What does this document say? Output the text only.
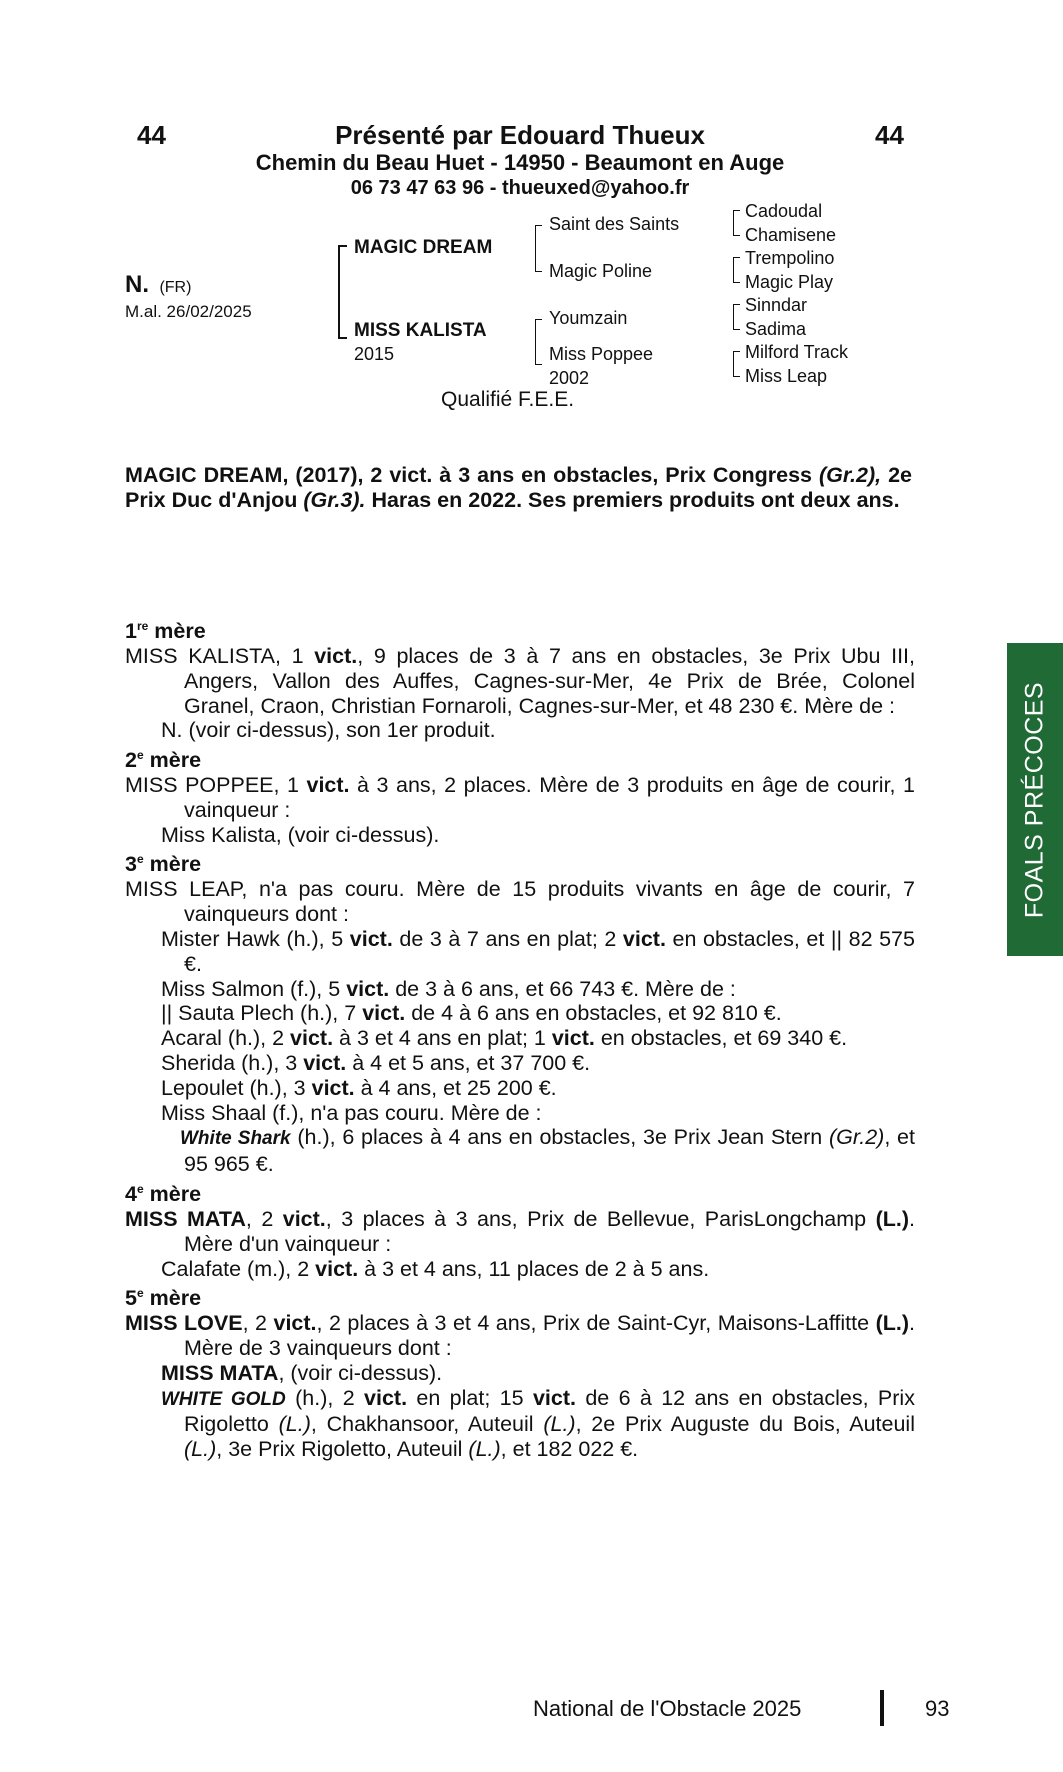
44	44
Présenté par Edouard Thueux
Chemin du Beau Huet - 14950 - Beaumont en Auge
06 73 47 63 96 - thueuxed@yahoo.fr
N. (FR)
M.al. 26/02/2025
MAGIC DREAM
MISS KALISTA
2015
Saint des Saints
Magic Poline
Youmzain
Miss Poppee
2002
Cadoudal
Chamisene
Trempolino
Magic Play
Sinndar
Sadima
Milford Track
Miss Leap
Qualifié F.E.E.
MAGIC DREAM, (2017), 2 vict. à 3 ans en obstacles, Prix Congress (Gr.2), 2e Prix Duc d'Anjou (Gr.3). Haras en 2022. Ses premiers produits ont deux ans.

1re mère

MISS KALISTA, 1 vict., 9 places de 3 à 7 ans en obstacles, 3e Prix Ubu III, Angers, Vallon des Auffes, Cagnes-sur-Mer, 4e Prix de Brée, Colonel Granel, Craon, Christian Fornaroli, Cagnes-sur-Mer, et 48 230 €. Mère de :

N. (voir ci-dessus), son 1er produit.

2e mère

MISS POPPEE, 1 vict. à 3 ans, 2 places. Mère de 3 produits en âge de courir, 1 vainqueur :

Miss Kalista, (voir ci-dessus).

3e mère

MISS LEAP, n'a pas couru. Mère de 15 produits vivants en âge de courir, 7 vainqueurs dont :

Mister Hawk (h.), 5 vict. de 3 à 7 ans en plat; 2 vict. en obstacles, et || 82 575 €.

Miss Salmon (f.), 5 vict. de 3 à 6 ans, et 66 743 €. Mère de :

|| Sauta Plech (h.), 7 vict. de 4 à 6 ans en obstacles, et 92 810 €.

Acaral (h.), 2 vict. à 3 et 4 ans en plat; 1 vict. en obstacles, et 69 340 €.

Sherida (h.), 3 vict. à 4 et 5 ans, et 37 700 €.

Lepoulet (h.), 3 vict. à 4 ans, et 25 200 €.

Miss Shaal (f.), n'a pas couru. Mère de :

White Shark (h.), 6 places à 4 ans en obstacles, 3e Prix Jean Stern (Gr.2), et 95 965 €.

4e mère

MISS MATA, 2 vict., 3 places à 3 ans, Prix de Bellevue, ParisLongchamp (L.). Mère d'un vainqueur :

Calafate (m.), 2 vict. à 3 et 4 ans, 11 places de 2 à 5 ans.

5e mère

MISS LOVE, 2 vict., 2 places à 3 et 4 ans, Prix de Saint-Cyr, Maisons-Laffitte (L.). Mère de 3 vainqueurs dont :

MISS MATA, (voir ci-dessus).

WHITE GOLD (h.), 2 vict. en plat; 15 vict. de 6 à 12 ans en obstacles, Prix Rigoletto (L.), Chakhansoor, Auteuil (L.), 2e Prix Auguste du Bois, Auteuil (L.), 3e Prix Rigoletto, Auteuil (L.), et 182 022 €.

FOALS PRÉCOCES
National de l'Obstacle 2025	93
